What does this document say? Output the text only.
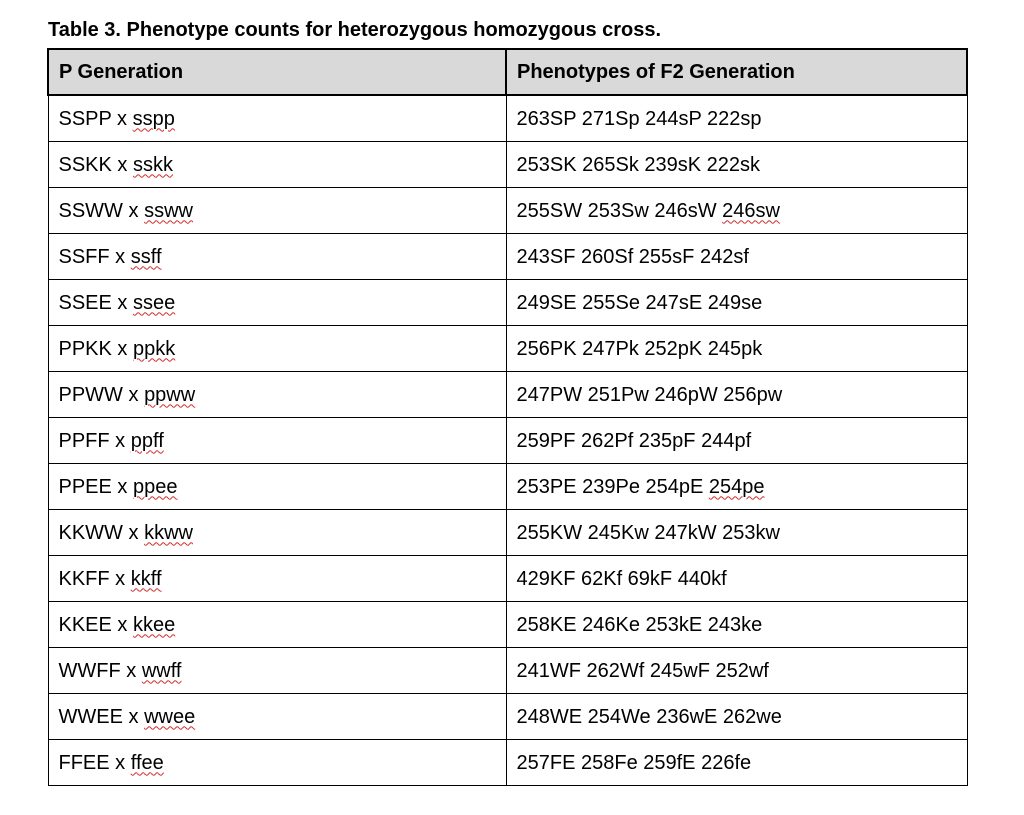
Table 3. Phenotype counts for heterozygous homozygous cross.
P Generation	Phenotypes of F2 Generation
SSPP x sspp	263SP 271Sp 244sP 222sp
SSKK x sskk	253SK 265Sk 239sK 222sk
SSWW x ssww	255SW 253Sw 246sW 246sw
SSFF x ssff	243SF 260Sf 255sF 242sf
SSEE x ssee	249SE 255Se 247sE 249se
PPKK x ppkk	256PK 247Pk 252pK 245pk
PPWW x ppww	247PW 251Pw 246pW 256pw
PPFF x ppff	259PF 262Pf 235pF 244pf
PPEE x ppee	253PE 239Pe 254pE 254pe
KKWW x kkww	255KW 245Kw 247kW 253kw
KKFF x kkff	429KF 62Kf 69kF 440kf
KKEE x kkee	258KE 246Ke 253kE 243ke
WWFF x wwff	241WF 262Wf 245wF 252wf
WWEE x wwee	248WE 254We 236wE 262we
FFEE x ffee	257FE 258Fe 259fE 226fe
